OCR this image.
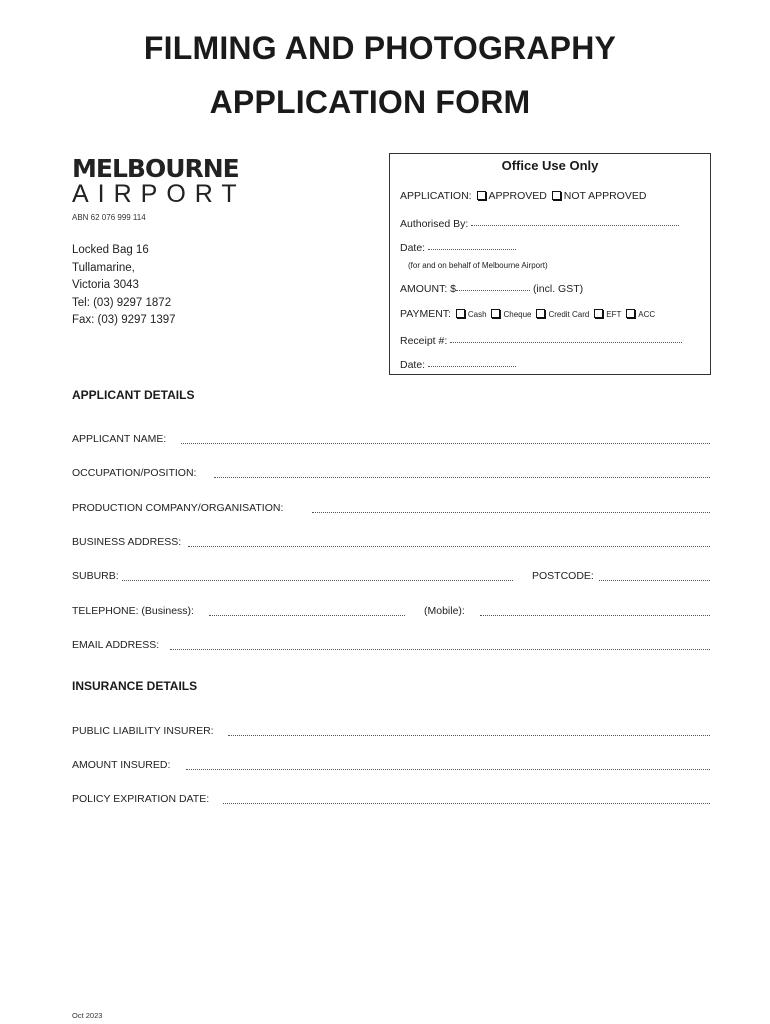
FILMING AND PHOTOGRAPHY
APPLICATION FORM
MELBOURNE
AIRPORT
ABN 62 076 999 114
Locked Bag 16
Tullamarine,
Victoria 3043
Tel: (03) 9297 1872
Fax: (03) 9297 1397
Office Use Only
APPLICATION: APPROVED NOT APPROVED
Authorised By:
Date:
(for and on behalf of Melbourne Airport)
AMOUNT: $	(incl. GST)
PAYMENT: Cash Cheque Credit Card EFT ACC
Receipt #:
Date:
APPLICANT DETAILS
APPLICANT NAME:
OCCUPATION/POSITION:
PRODUCTION COMPANY/ORGANISATION:
BUSINESS ADDRESS:
SUBURB:	POSTCODE:
TELEPHONE: (Business):	(Mobile):
EMAIL ADDRESS:
INSURANCE DETAILS
PUBLIC LIABILITY INSURER:
AMOUNT INSURED:
POLICY EXPIRATION DATE:
Oct 2023
